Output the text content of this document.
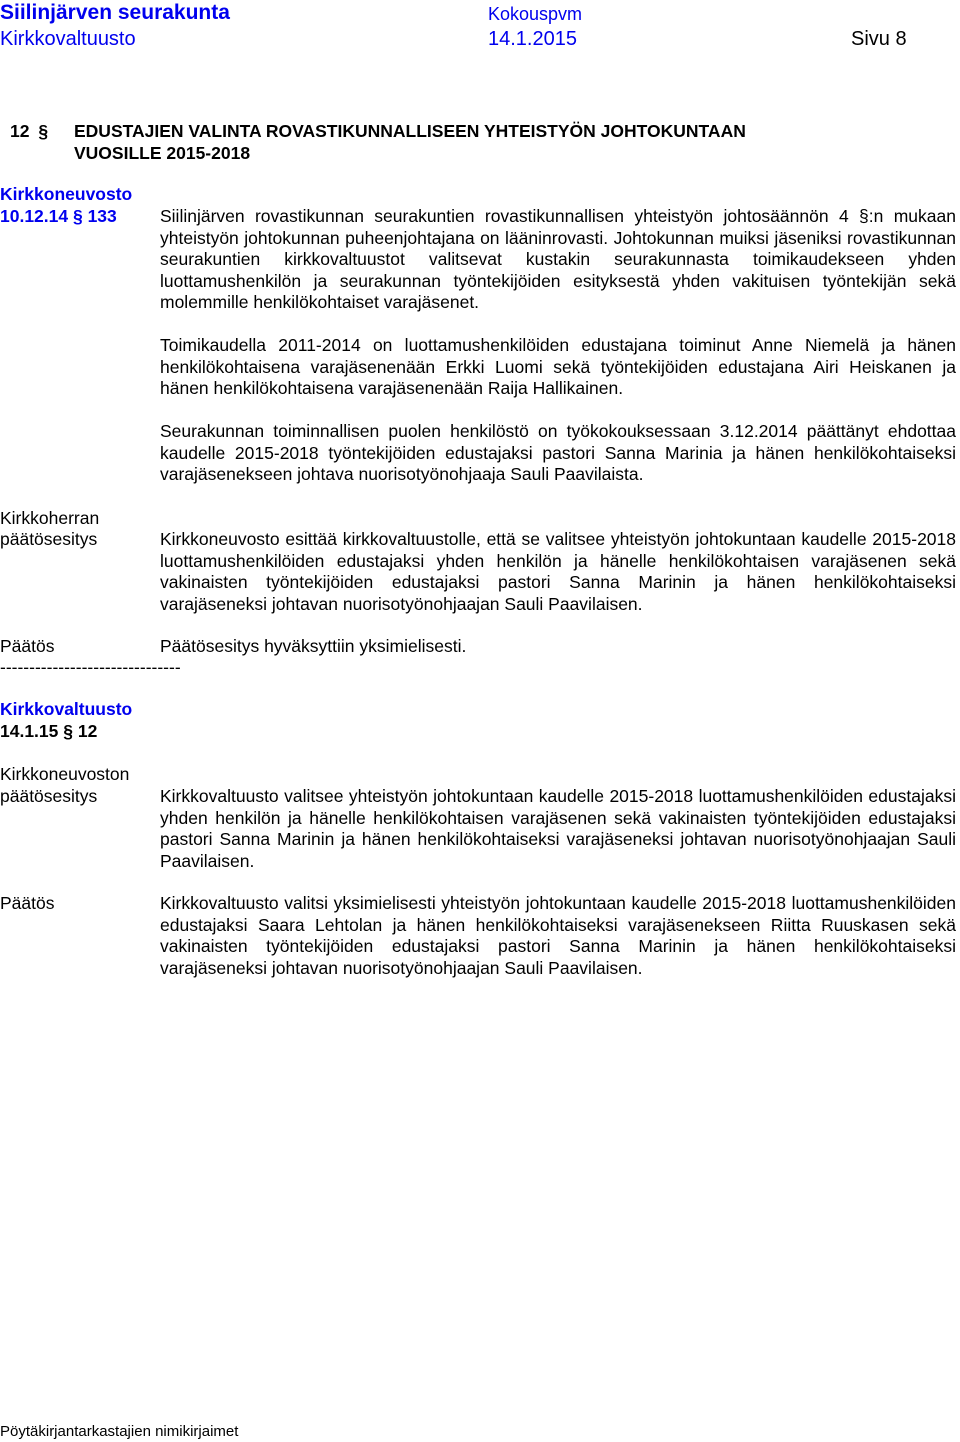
Siilinjärven seurakunta	Kokouspvm
Kirkkovaltuusto	14.1.2015	Sivu 8
12 §	EDUSTAJIEN VALINTA ROVASTIKUNNALLISEEN YHTEISTYÖN JOHTOKUNTAAN VUOSILLE 2015-2018
Kirkkoneuvosto
10.12.14 § 133 Siilinjärven rovastikunnan seurakuntien rovastikunnallisen yhteistyön johtosäännön 4 §:n mukaan yhteistyön johtokunnan puheenjohtajana on lääninrovasti. Johtokunnan muiksi jäseniksi rovastikunnan seurakuntien kirkkovaltuustot valitsevat kustakin seurakunnasta toimikaudekseen yhden luottamushenkilön ja seurakunnan työntekijöiden esityksestä yhden vakituisen työntekijän sekä molemmille henkilökohtaiset varajäsenet.
Toimikaudella 2011-2014 on luottamushenkilöiden edustajana toiminut Anne Niemelä ja hänen henkilökohtaisena varajäsenenään Erkki Luomi sekä työntekijöiden edustajana Airi Heiskanen ja hänen henkilökohtaisena varajäsenenään Raija Hallikainen.
Seurakunnan toiminnallisen puolen henkilöstö on työkokouksessaan 3.12.2014 päättänyt ehdottaa kaudelle 2015-2018 työntekijöiden edustajaksi pastori Sanna Marinia ja hänen henkilökohtaiseksi varajäsenekseen johtava nuorisotyönohjaaja Sauli Paavilaista.
Kirkkoherran
päätösesitys	Kirkkoneuvosto esittää kirkkovaltuustolle, että se valitsee yhteistyön johtokuntaan kaudelle 2015-2018 luottamushenkilöiden edustajaksi yhden henkilön ja hänelle henkilökohtaisen varajäsenen sekä vakinaisten työntekijöiden edustajaksi pastori Sanna Marinin ja hänen henkilökohtaiseksi varajäseneksi johtavan nuorisotyönohjaajan Sauli Paavilaisen.
Päätös	Päätösesitys hyväksyttiin yksimielisesti.
-------------------------------
Kirkkovaltuusto
14.1.15 § 12
Kirkkoneuvoston
päätösesitys	Kirkkovaltuusto valitsee yhteistyön johtokuntaan kaudelle 2015-2018 luottamushenkilöiden edustajaksi yhden henkilön ja hänelle henkilökohtaisen varajäsenen sekä vakinaisten työntekijöiden edustajaksi pastori Sanna Marinin ja hänen henkilökohtaiseksi varajäseneksi johtavan nuorisotyönohjaajan Sauli Paavilaisen.
Päätös	Kirkkovaltuusto valitsi yksimielisesti yhteistyön johtokuntaan kaudelle 2015-2018 luottamushenkilöiden edustajaksi Saara Lehtolan ja hänen henkilökohtaiseksi varajäsenekseen Riitta Ruuskasen sekä vakinaisten työntekijöiden edustajaksi pastori Sanna Marinin ja hänen henkilökohtaiseksi varajäseneksi johtavan nuorisotyönohjaajan Sauli Paavilaisen.
Pöytäkirjantarkastajien nimikirjaimet
